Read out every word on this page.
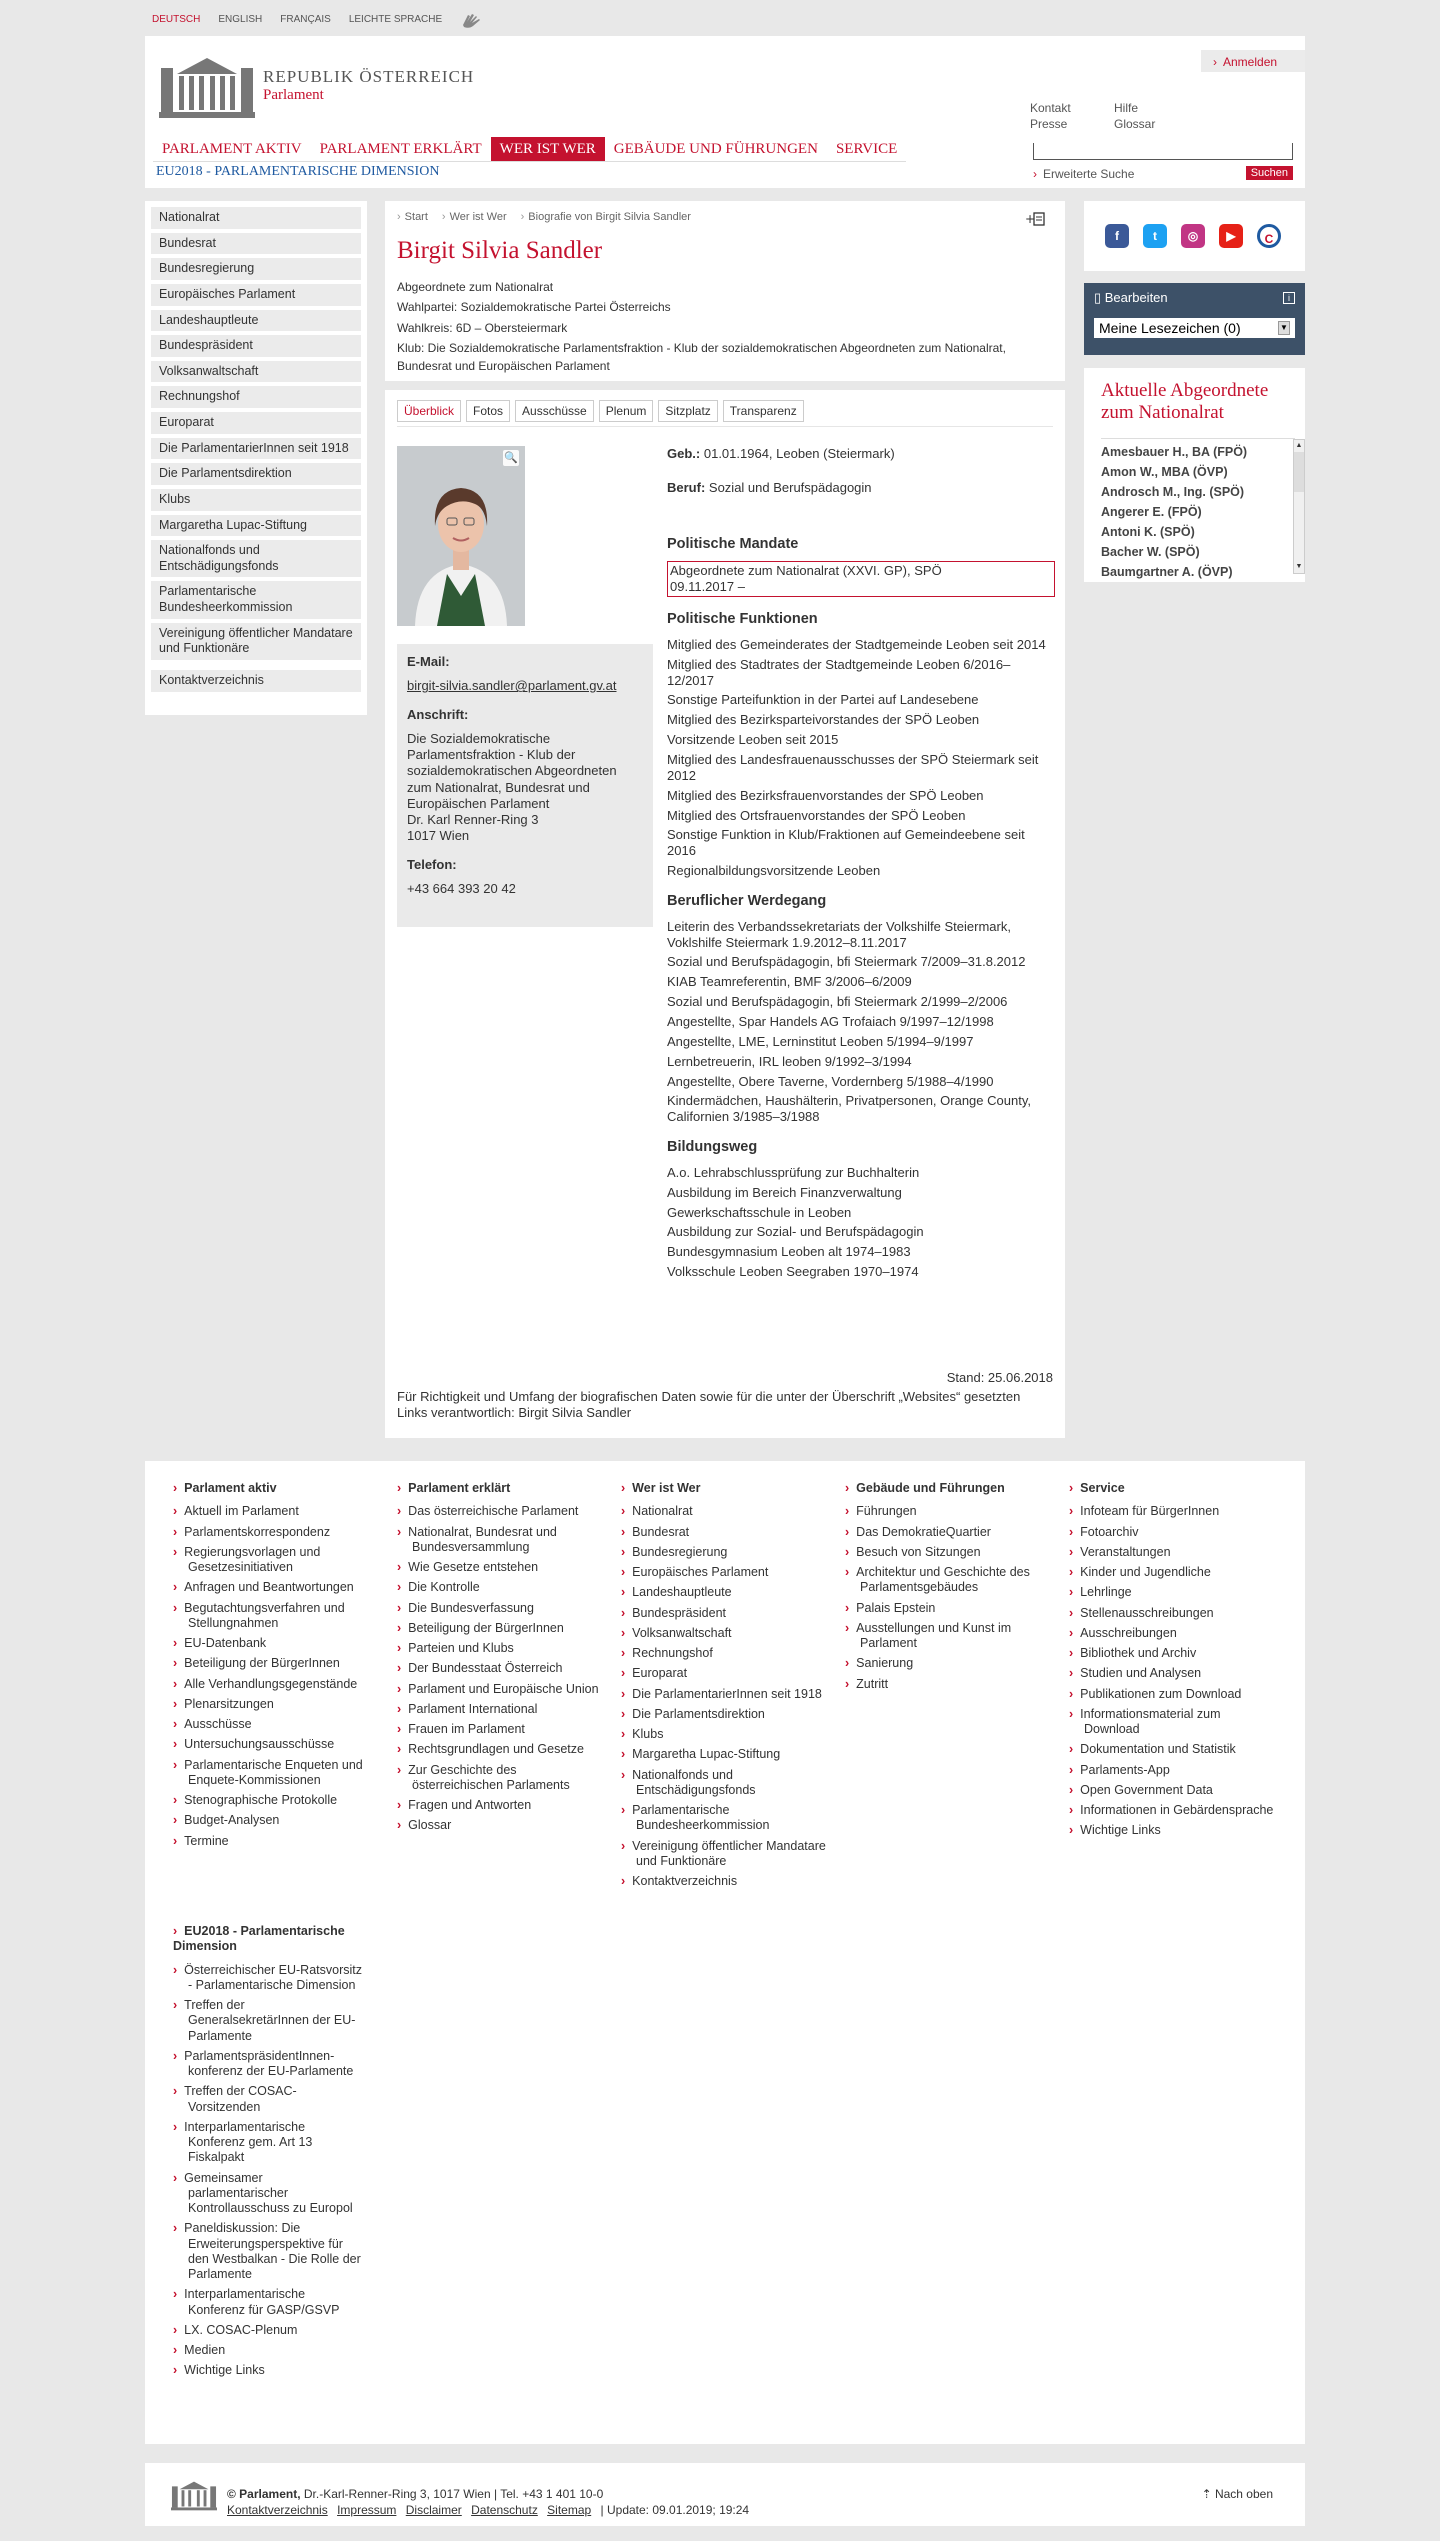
DEUTSCH ENGLISH FRANÇAIS LEICHTE SPRACHE
REPUBLIK ÖSTERREICH
Parlament
› Anmelden
Kontakt	Hilfe
Presse	Glossar
PARLAMENT AKTIV	PARLAMENT ERKLÄRT	WER IST WER	GEBÄUDE UND FÜHRUNGEN	SERVICE
EU2018 - PARLAMENTARISCHE DIMENSION	› Erweiterte Suche	Suchen
Nationalrat
Bundesrat
Bundesregierung
Europäisches Parlament
Landeshauptleute
Bundespräsident
Volksanwaltschaft
Rechnungshof
Europarat
Die ParlamentarierInnen seit 1918
Die Parlamentsdirektion
Klubs
Margaretha Lupac-Stiftung
Nationalfonds und Entschädigungsfonds
Parlamentarische Bundesheerkommission
Vereinigung öffentlicher Mandatare und Funktionäre
Kontaktverzeichnis
› Start	› Wer ist Wer	› Biografie von Birgit Silvia Sandler	+
Birgit Silvia Sandler
Abgeordnete zum Nationalrat
Wahlpartei: Sozialdemokratische Partei Österreichs
Wahlkreis: 6D – Obersteiermark
Klub: Die Sozialdemokratische Parlamentsfraktion - Klub der sozialdemokratischen Abgeordneten zum Nationalrat, Bundesrat und Europäischen Parlament
Überblick	Fotos	Ausschüsse	Plenum	Sitzplatz	Transparenz
🔍
E-Mail:
birgit-silvia.sandler@parlament.gv.at
Anschrift:
Die Sozialdemokratische Parlamentsfraktion - Klub der sozialdemokratischen Abgeordneten zum Nationalrat, Bundesrat und Europäischen Parlament
Dr. Karl Renner-Ring 3
1017 Wien
Telefon:
+43 664 393 20 42
Geb.: 01.01.1964, Leoben (Steiermark)
Beruf: Sozial und Berufspädagogin
Politische Mandate
Abgeordnete zum Nationalrat (XXVI. GP), SPÖ
09.11.2017 –
Politische Funktionen
Mitglied des Gemeinderates der Stadtgemeinde Leoben seit 2014
Mitglied des Stadtrates der Stadtgemeinde Leoben 6/2016–12/2017
Sonstige Parteifunktion in der Partei auf Landesebene
Mitglied des Bezirksparteivorstandes der SPÖ Leoben
Vorsitzende Leoben seit 2015
Mitglied des Landesfrauenausschusses der SPÖ Steiermark seit 2012
Mitglied des Bezirksfrauenvorstandes der SPÖ Leoben
Mitglied des Ortsfrauenvorstandes der SPÖ Leoben
Sonstige Funktion in Klub/Fraktionen auf Gemeindeebene seit 2016
Regionalbildungsvorsitzende Leoben
Beruflicher Werdegang
Leiterin des Verbandssekretariats der Volkshilfe Steiermark, Voklshilfe Steiermark 1.9.2012–8.11.2017
Sozial und Berufspädagogin, bfi Steiermark 7/2009–31.8.2012
KIAB Teamreferentin, BMF 3/2006–6/2009
Sozial und Berufspädagogin, bfi Steiermark 2/1999–2/2006
Angestellte, Spar Handels AG Trofaiach 9/1997–12/1998
Angestellte, LME, Lerninstitut Leoben 5/1994–9/1997
Lernbetreuerin, IRL leoben 9/1992–3/1994
Angestellte, Obere Taverne, Vordernberg 5/1988–4/1990
Kindermädchen, Haushälterin, Privatpersonen, Orange County, Californien 3/1985–3/1988
Bildungsweg
A.o. Lehrabschlussprüfung zur Buchhalterin
Ausbildung im Bereich Finanzverwaltung
Gewerkschaftsschule in Leoben
Ausbildung zur Sozial- und Berufspädagogin
Bundesgymnasium Leoben alt 1974–1983
Volksschule Leoben Seegraben 1970–1974
Stand: 25.06.2018
Für Richtigkeit und Umfang der biografischen Daten sowie für die unter der Überschrift „Websites“ gesetzten Links verantwortlich: Birgit Silvia Sandler
f	t	◎	▶	C
▯ Bearbeiten	i
Meine Lesezeichen (0)	▼
Aktuelle Abgeordnete zum Nationalrat
Amesbauer H., BA (FPÖ)
Amon W., MBA (ÖVP)
Androsch M., Ing. (SPÖ)
Angerer E. (FPÖ)
Antoni K. (SPÖ)
Bacher W. (SPÖ)
Baumgartner A. (ÖVP)
▲
▼
› Parlament aktiv
› Aktuell im Parlament
› Parlamentskorrespondenz
› Regierungsvorlagen und Gesetzesinitiativen
› Anfragen und Beantwortungen
› Begutachtungsverfahren und Stellungnahmen
› EU-Datenbank
› Beteiligung der BürgerInnen
› Alle Verhandlungsgegenstände
› Plenarsitzungen
› Ausschüsse
› Untersuchungsausschüsse
› Parlamentarische Enqueten und Enquete-Kommissionen
› Stenographische Protokolle
› Budget-Analysen
› Termine
› Parlament erklärt
› Das österreichische Parlament
› Nationalrat, Bundesrat und Bundesversammlung
› Wie Gesetze entstehen
› Die Kontrolle
› Die Bundesverfassung
› Beteiligung der BürgerInnen
› Parteien und Klubs
› Der Bundesstaat Österreich
› Parlament und Europäische Union
› Parlament International
› Frauen im Parlament
› Rechtsgrundlagen und Gesetze
› Zur Geschichte des österreichischen Parlaments
› Fragen und Antworten
› Glossar
› Wer ist Wer
› Nationalrat
› Bundesrat
› Bundesregierung
› Europäisches Parlament
› Landeshauptleute
› Bundespräsident
› Volksanwaltschaft
› Rechnungshof
› Europarat
› Die ParlamentarierInnen seit 1918
› Die Parlamentsdirektion
› Klubs
› Margaretha Lupac-Stiftung
› Nationalfonds und Entschädigungsfonds
› Parlamentarische Bundesheerkommission
› Vereinigung öffentlicher Mandatare und Funktionäre
› Kontaktverzeichnis
› Gebäude und Führungen
› Führungen
› Das DemokratieQuartier
› Besuch von Sitzungen
› Architektur und Geschichte des Parlamentsgebäudes
› Palais Epstein
› Ausstellungen und Kunst im Parlament
› Sanierung
› Zutritt
› Service
› Infoteam für BürgerInnen
› Fotoarchiv
› Veranstaltungen
› Kinder und Jugendliche
› Lehrlinge
› Stellenausschreibungen
› Ausschreibungen
› Bibliothek und Archiv
› Studien und Analysen
› Publikationen zum Download
› Informationsmaterial zum Download
› Dokumentation und Statistik
› Parlaments-App
› Open Government Data
› Informationen in Gebärdensprache
› Wichtige Links
› EU2018 - Parlamentarische Dimension
› Österreichischer EU-Ratsvorsitz - Parlamentarische Dimension
› Treffen der GeneralsekretärInnen der EU-Parlamente
› ParlamentspräsidentInnen-konferenz der EU-Parlamente
› Treffen der COSAC-Vorsitzenden
› Interparlamentarische Konferenz gem. Art 13 Fiskalpakt
› Gemeinsamer parlamentarischer Kontrollausschuss zu Europol
› Paneldiskussion: Die Erweiterungsperspektive für den Westbalkan - Die Rolle der Parlamente
› Interparlamentarische Konferenz für GASP/GSVP
› LX. COSAC-Plenum
› Medien
› Wichtige Links
© Parlament, Dr.-Karl-Renner-Ring 3, 1017 Wien | Tel. +43 1 401 10-0
Kontaktverzeichnis Impressum Disclaimer Datenschutz Sitemap | Update: 09.01.2019; 19:24
⇡ Nach oben
